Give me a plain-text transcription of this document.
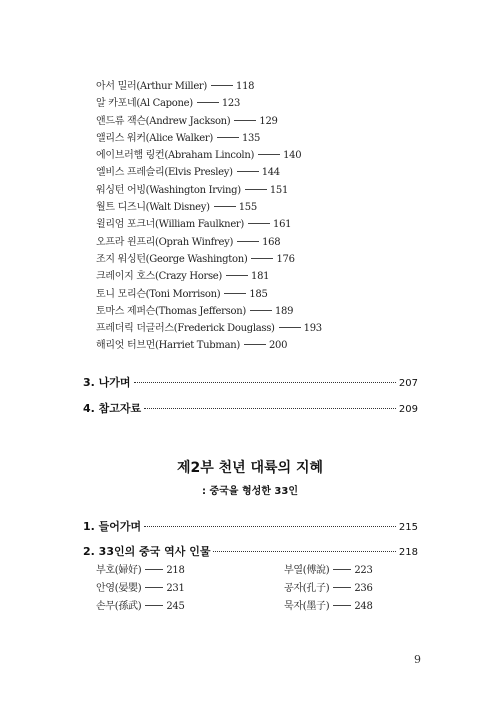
아서 밀러(Arthur Miller)	118
알 카포네(Al Capone)	123
앤드류 잭슨(Andrew Jackson)	129
앨리스 워커(Alice Walker)	135
에이브러햄 링컨(Abraham Lincoln)	140
엘비스 프레슬리(Elvis Presley)	144
워싱턴 어빙(Washington Irving)	151
월트 디즈니(Walt Disney)	155
윌리엄 포크너(William Faulkner)	161
오프라 윈프리(Oprah Winfrey)	168
조지 워싱턴(George Washington)	176
크레이지 호스(Crazy Horse)	181
토니 모리슨(Toni Morrison)	185
토마스 제퍼슨(Thomas Jefferson)	189
프레더릭 더글러스(Frederick Douglass)	193
해리엇 터브먼(Harriet Tubman)	200
3. 나가며	207
4. 참고자료	209
제2부 천년 대륙의 지혜
: 중국을 형성한 33인
1. 들어가며	215
2. 33인의 중국 역사 인물	218
부호(婦好)	218	부열(傅說)	223
안영(晏嬰)	231	공자(孔子)	236
손무(孫武)	245	묵자(墨子)	248
9
